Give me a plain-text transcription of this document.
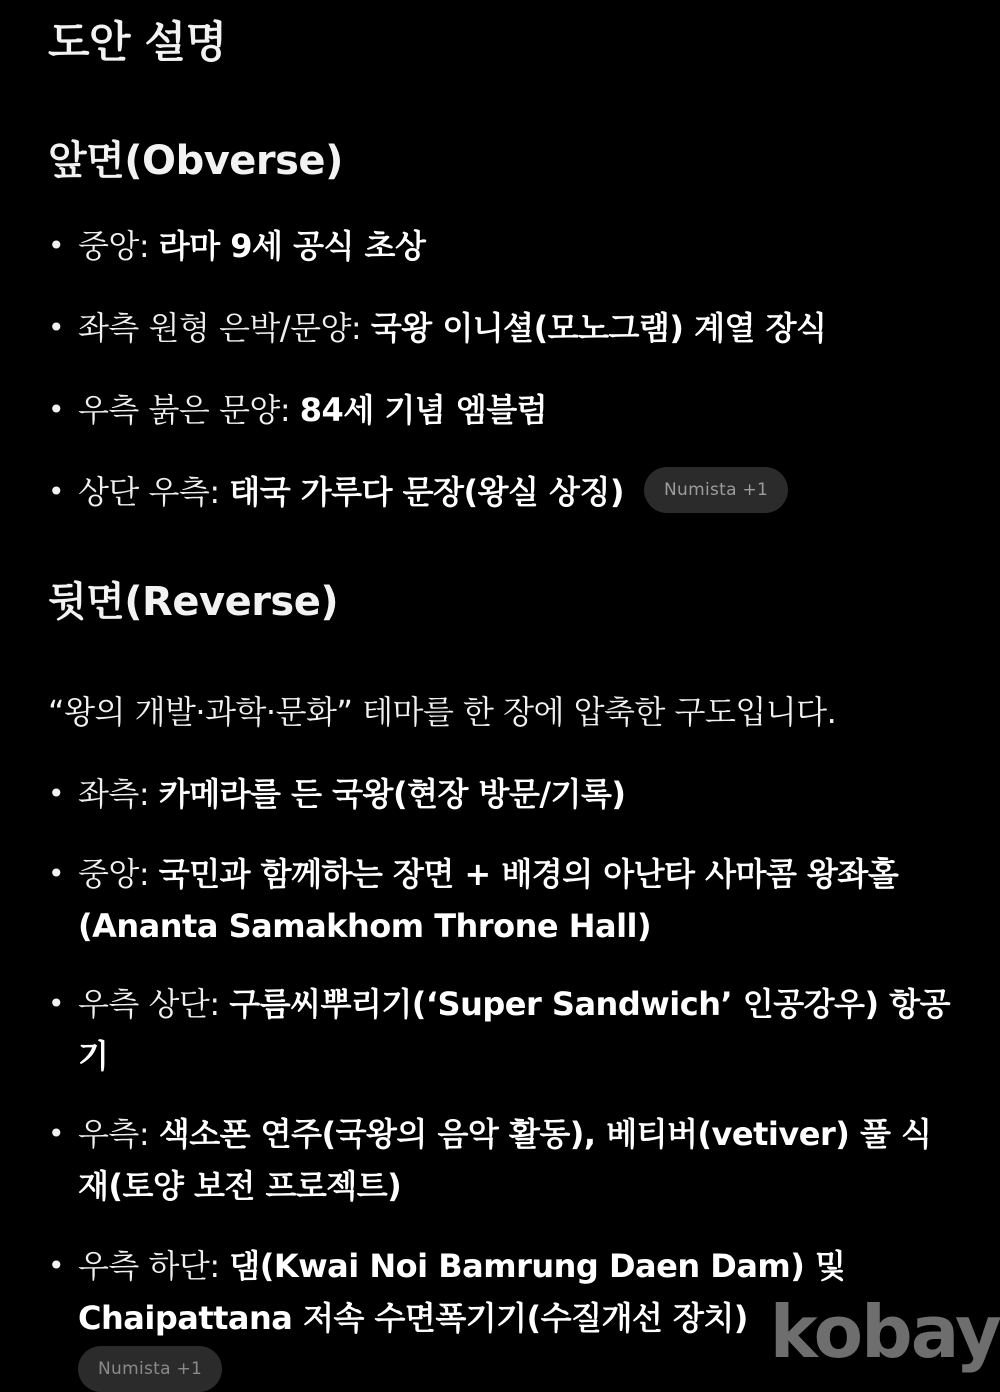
도안 설명
앞면(Obverse)
• 중앙: 라마 9세 공식 초상
• 좌측 원형 은박/문양: 국왕 이니셜(모노그램) 계열 장식
• 우측 붉은 문양: 84세 기념 엠블럼
• 상단 우측: 태국 가루다 문장(왕실 상징) Numista +1
뒷면(Reverse)

“왕의 개발·과학·문화” 테마를 한 장에 압축한 구도입니다.

• 좌측: 카메라를 든 국왕(현장 방문/기록)
• 중앙: 국민과 함께하는 장면 + 배경의 아난타 사마콤 왕좌홀(Ananta Samakhom Throne Hall)
• 우측 상단: 구름씨뿌리기(‘Super Sandwich’ 인공강우) 항공기
• 우측: 색소폰 연주(국왕의 음악 활동), 베티버(vetiver) 풀 식재(토양 보전 프로젝트)
• 우측 하단: 댐(Kwai Noi Bamrung Daen Dam) 및 Chaipattana 저속 수면폭기기(수질개선 장치)
Numista +1	kobay
